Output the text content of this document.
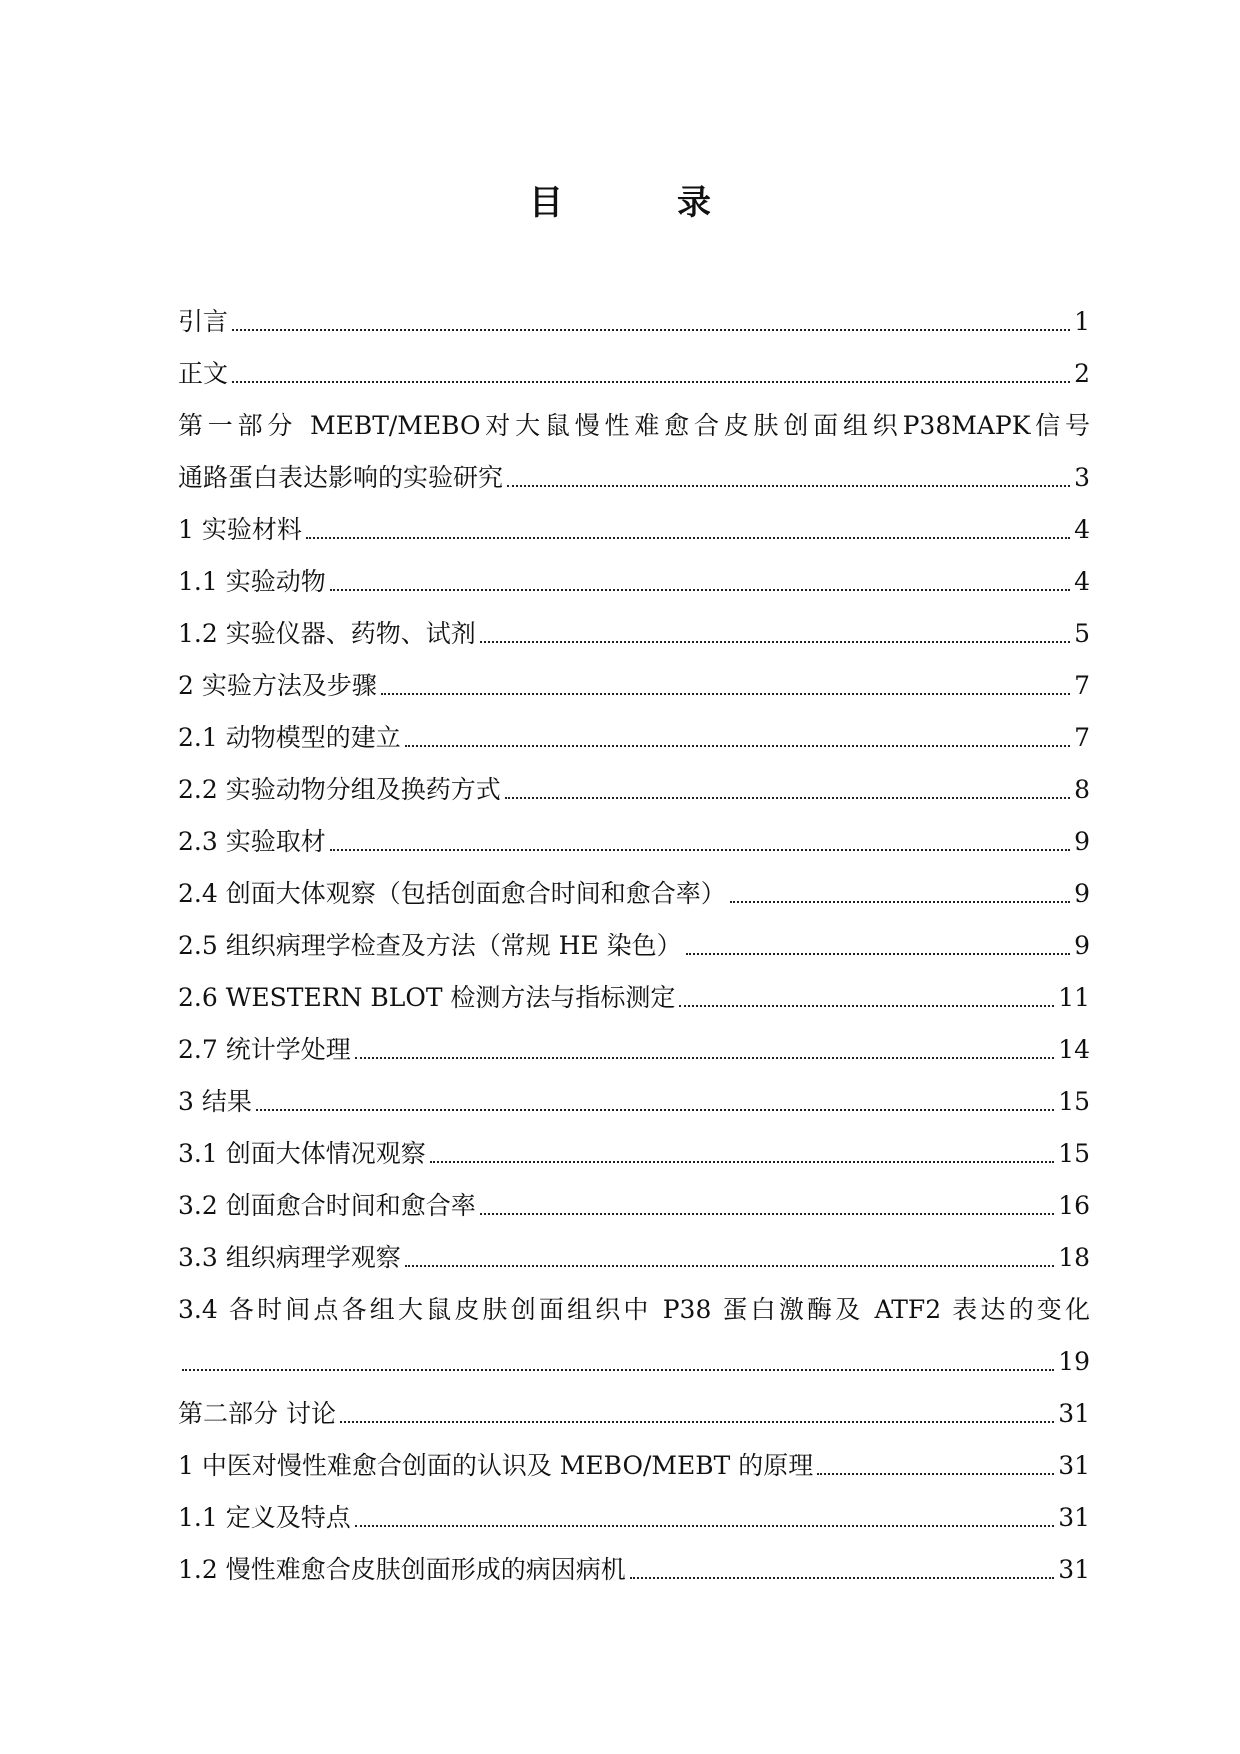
目　录
引言	1
正文	2
第一部分 MEBT/MEBO对大鼠慢性难愈合皮肤创面组织P38MAPK信号
通路蛋白表达影响的实验研究	3
1 实验材料	4
1.1 实验动物	4
1.2 实验仪器、药物、试剂	5
2 实验方法及步骤	7
2.1 动物模型的建立	7
2.2 实验动物分组及换药方式	8
2.3 实验取材	9
2.4 创面大体观察（包括创面愈合时间和愈合率）	9
2.5 组织病理学检查及方法（常规 HE 染色）	9
2.6 WESTERN BLOT 检测方法与指标测定	11
2.7 统计学处理	14
3 结果	15
3.1 创面大体情况观察	15
3.2 创面愈合时间和愈合率	16
3.3 组织病理学观察	18
3.4 各时间点各组大鼠皮肤创面组织中 P38 蛋白激酶及 ATF2 表达的变化
19
第二部分 讨论	31
1 中医对慢性难愈合创面的认识及 MEBO/MEBT 的原理	31
1.1 定义及特点	31
1.2 慢性难愈合皮肤创面形成的病因病机	31
